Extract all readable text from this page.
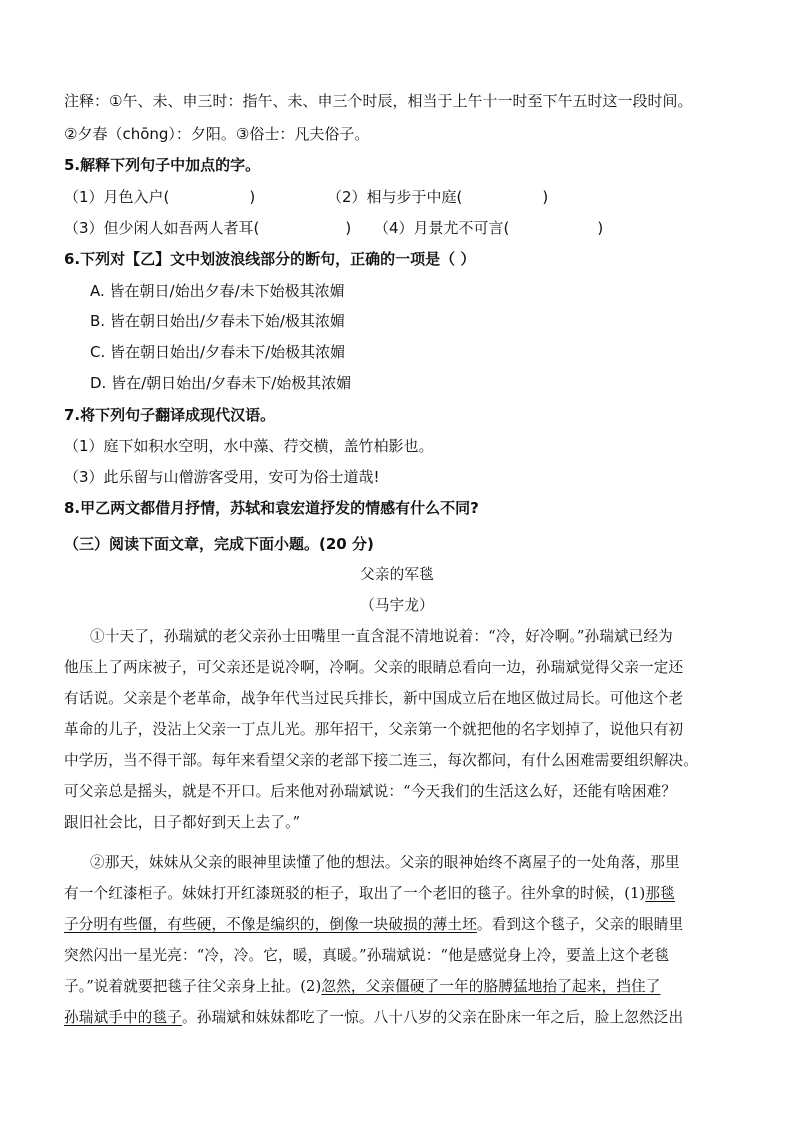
注释：①午、未、申三时：指午、未、申三个时辰，相当于上午十一时至下午五时这一段时间。
②夕春（chōng）：夕阳。③俗士：凡夫俗子。
5.解释下列句子中加点的字。
（1）月色入户(	)	（2）相与步于中庭(	)
（3）但少闲人如吾两人者耳(	) （4）月景尤不可言(	)
6.下列对【乙】文中划波浪线部分的断句，正确的一项是（ ）
A. 皆在朝日/始出夕春/未下始极其浓媚
B. 皆在朝日始出/夕春未下始/极其浓媚
C. 皆在朝日始出/夕春未下/始极其浓媚
D. 皆在/朝日始出/夕春未下/始极其浓媚
7.将下列句子翻译成现代汉语。
（1）庭下如积水空明，水中藻、荇交横，盖竹柏影也。
（3）此乐留与山僧游客受用，安可为俗士道哉!
8.甲乙两文都借月抒情，苏轼和袁宏道抒发的情感有什么不同?
（三）阅读下面文章，完成下面小题。(20 分)
父亲的军毯
（马宇龙）
①十天了，孙瑞斌的老父亲孙士田嘴里一直含混不清地说着：“冷，好冷啊。”孙瑞斌已经为
他压上了两床被子，可父亲还是说冷啊，冷啊。父亲的眼睛总看向一边，孙瑞斌觉得父亲一定还
有话说。父亲是个老革命，战争年代当过民兵排长，新中国成立后在地区做过局长。可他这个老
革命的儿子，没沾上父亲一丁点儿光。那年招干，父亲第一个就把他的名字划掉了，说他只有初
中学历，当不得干部。每年来看望父亲的老部下接二连三，每次都问，有什么困难需要组织解决。
可父亲总是摇头，就是不开口。后来他对孙瑞斌说：“今天我们的生活这么好，还能有啥困难？
跟旧社会比，日子都好到天上去了。”
②那天，妹妹从父亲的眼神里读懂了他的想法。父亲的眼神始终不离屋子的一处角落，那里
有一个红漆柜子。妹妹打开红漆斑驳的柜子，取出了一个老旧的毯子。往外拿的时候，(1)那毯
子分明有些僵，有些硬，不像是编织的，倒像一块破损的薄土坯。看到这个毯子，父亲的眼睛里
突然闪出一星光亮：“冷，冷。它，暖，真暖。”孙瑞斌说：“他是感觉身上冷，要盖上这个老毯
子。”说着就要把毯子往父亲身上扯。(2)忽然，父亲僵硬了一年的胳膊猛地抬了起来，挡住了
孙瑞斌手中的毯子。孙瑞斌和妹妹都吃了一惊。八十八岁的父亲在卧床一年之后，脸上忽然泛出
